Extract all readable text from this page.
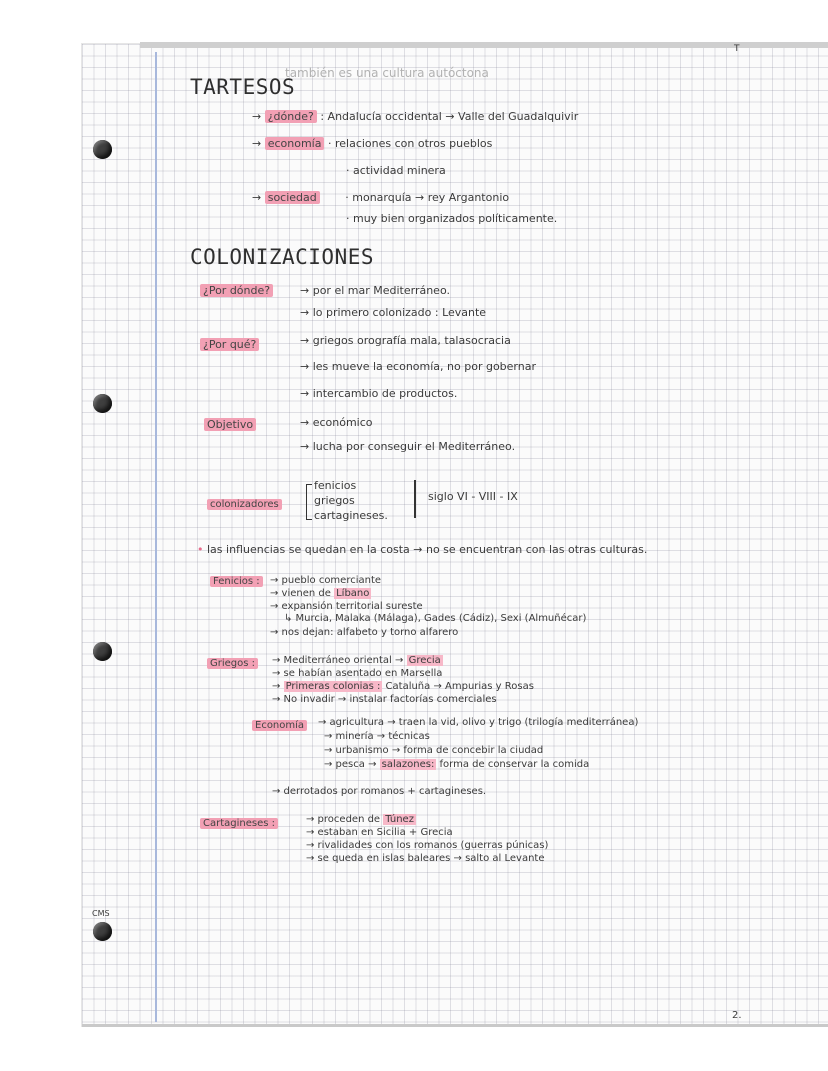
T
CMS
2.
TARTESOS
también es una cultura autóctona
→ ¿dónde? : Andalucía occidental → Valle del Guadalquivir
→ economía · relaciones con otros pueblos
· actividad minera
→ sociedad	· monarquía → rey Argantonio
· muy bien organizados políticamente.
COLONIZACIONES
¿Por dónde?	→ por el mar Mediterráneo.
→ lo primero colonizado : Levante
¿Por qué?	→ griegos orografía mala, talasocracia
→ les mueve la economía, no por gobernar
→ intercambio de productos.
Objetivo	→ económico
→ lucha por conseguir el Mediterráneo.
colonizadores
fenicios
griegos
cartagineses.
siglo VI - VIII - IX
• las influencias se quedan en la costa → no se encuentran con las otras culturas.
Fenicios :	→ pueblo comerciante
→ vienen de Líbano
→ expansión territorial sureste
↳ Murcia, Malaka (Málaga), Gades (Cádiz), Sexi (Almuñécar)
→ nos dejan: alfabeto y torno alfarero
Griegos :	→ Mediterráneo oriental → Grecia
→ se habían asentado en Marsella
→ Primeras colonias : Cataluña → Ampurias y Rosas
→ No invadir → instalar factorías comerciales
Economía	→ agricultura → traen la vid, olivo y trigo (trilogía mediterránea)
→ minería → técnicas
→ urbanismo → forma de concebir la ciudad
→ pesca → salazones: forma de conservar la comida
→ derrotados por romanos + cartagineses.
Cartagineses :	→ proceden de Túnez
→ estaban en Sicilia + Grecia
→ rivalidades con los romanos (guerras púnicas)
→ se queda en islas baleares → salto al Levante
